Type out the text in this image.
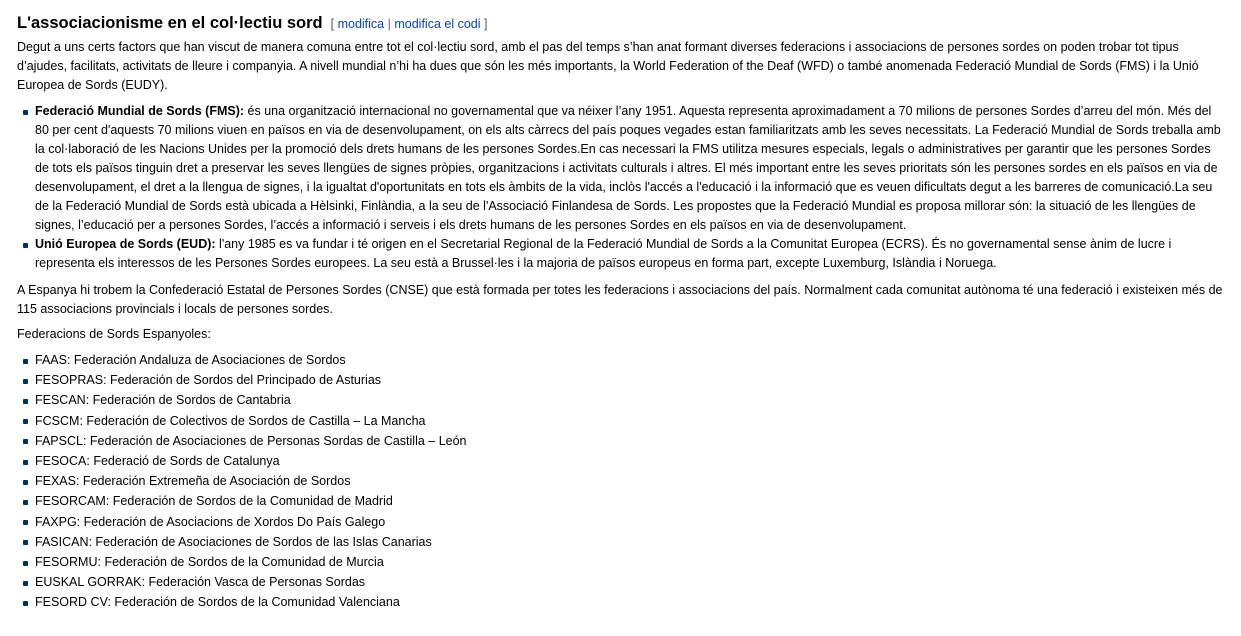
L'associacionisme en el col·lectiu sord [ modifica | modifica el codi ]

Degut a uns certs factors que han viscut de manera comuna entre tot el col·lectiu sord, amb el pas del temps s’han anat formant diverses federacions i associacions de persones sordes on poden trobar tot tipus d’ajudes, facilitats, activitats de lleure i companyia. A nivell mundial n’hi ha dues que són les més importants, la World Federation of the Deaf (WFD) o també anomenada Federació Mundial de Sords (FMS) i la Unió Europea de Sords (EUDY).

Federació Mundial de Sords (FMS): és una organització internacional no governamental que va néixer l’any 1951. Aquesta representa aproximadament a 70 milions de persones Sordes d’arreu del món. Més del 80 per cent d'aquests 70 milions viuen en països en via de desenvolupament, on els alts càrrecs del país poques vegades estan familiaritzats amb les seves necessitats. La Federació Mundial de Sords treballa amb la col·laboració de les Nacions Unides per la promoció dels drets humans de les persones Sordes.En cas necessari la FMS utilitza mesures especials, legals o administratives per garantir que les persones Sordes de tots els països tinguin dret a preservar les seves llengües de signes pròpies, organitzacions i activitats culturals i altres. El més important entre les seves prioritats són les persones sordes en els països en via de desenvolupament, el dret a la llengua de signes, i la igualtat d'oportunitats en tots els àmbits de la vida, inclòs l'accés a l'educació i la informació que es veuen dificultats degut a les barreres de comunicació.La seu de la Federació Mundial de Sords està ubicada a Hèlsinki, Finlàndia, a la seu de l'Associació Finlandesa de Sords. Les propostes que la Federació Mundial es proposa millorar són: la situació de les llengües de signes, l’educació per a persones Sordes, l’accés a informació i serveis i els drets humans de les persones Sordes en els països en via de desenvolupament.
Unió Europea de Sords (EUD): l'any 1985 es va fundar i té origen en el Secretarial Regional de la Federació Mundial de Sords a la Comunitat Europea (ECRS). És no governamental sense ànim de lucre i representa els interessos de les Persones Sordes europees. La seu està a Brussel·les i la majoria de països europeus en forma part, excepte Luxemburg, Islàndia i Noruega.

A Espanya hi trobem la Confederació Estatal de Persones Sordes (CNSE) que està formada per totes les federacions i associacions del país. Normalment cada comunitat autònoma té una federació i existeixen més de 115 associacions provincials i locals de persones sordes.

Federacions de Sords Espanyoles:

FAAS: Federación Andaluza de Asociaciones de Sordos
FESOPRAS: Federación de Sordos del Principado de Asturias
FESCAN: Federación de Sordos de Cantabria
FCSCM: Federación de Colectivos de Sordos de Castilla – La Mancha
FAPSCL: Federación de Asociaciones de Personas Sordas de Castilla – León
FESOCA: Federació de Sords de Catalunya
FEXAS: Federación Extremeña de Asociación de Sordos
FESORCAM: Federación de Sordos de la Comunidad de Madrid
FAXPG: Federación de Asociacions de Xordos Do País Galego
FASICAN: Federación de Asociaciones de Sordos de las Islas Canarias
FESORMU: Federación de Sordos de la Comunidad de Murcia
EUSKAL GORRAK: Federación Vasca de Personas Sordas
FESORD CV: Federación de Sordos de la Comunidad Valenciana
